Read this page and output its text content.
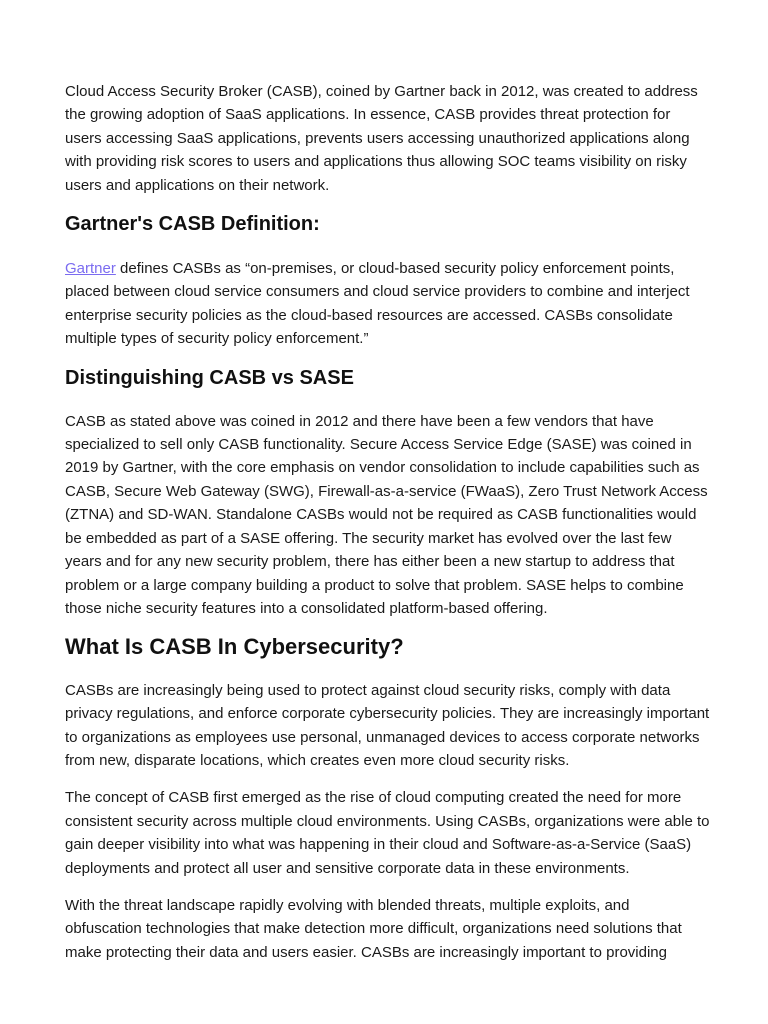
Cloud Access Security Broker (CASB), coined by Gartner back in 2012, was created to address the growing adoption of SaaS applications. In essence, CASB provides threat protection for users accessing SaaS applications, prevents users accessing unauthorized applications along with providing risk scores to users and applications thus allowing SOC teams visibility on risky users and applications on their network.

Gartner's CASB Definition:

Gartner defines CASBs as “on-premises, or cloud-based security policy enforcement points, placed between cloud service consumers and cloud service providers to combine and interject enterprise security policies as the cloud-based resources are accessed. CASBs consolidate multiple types of security policy enforcement.”

Distinguishing CASB vs SASE

CASB as stated above was coined in 2012 and there have been a few vendors that have specialized to sell only CASB functionality. Secure Access Service Edge (SASE) was coined in 2019 by Gartner, with the core emphasis on vendor consolidation to include capabilities such as CASB, Secure Web Gateway (SWG), Firewall-as-a-service (FWaaS), Zero Trust Network Access (ZTNA) and SD-WAN. Standalone CASBs would not be required as CASB functionalities would be embedded as part of a SASE offering. The security market has evolved over the last few years and for any new security problem, there has either been a new startup to address that problem or a large company building a product to solve that problem. SASE helps to combine those niche security features into a consolidated platform-based offering.

What Is CASB In Cybersecurity?

CASBs are increasingly being used to protect against cloud security risks, comply with data privacy regulations, and enforce corporate cybersecurity policies. They are increasingly important to organizations as employees use personal, unmanaged devices to access corporate networks from new, disparate locations, which creates even more cloud security risks.

The concept of CASB first emerged as the rise of cloud computing created the need for more consistent security across multiple cloud environments. Using CASBs, organizations were able to gain deeper visibility into what was happening in their cloud and Software-as-a-Service (SaaS) deployments and protect all user and sensitive corporate data in these environments.

With the threat landscape rapidly evolving with blended threats, multiple exploits, and obfuscation technologies that make detection more difficult, organizations need solutions that make protecting their data and users easier. CASBs are increasingly important to providing
